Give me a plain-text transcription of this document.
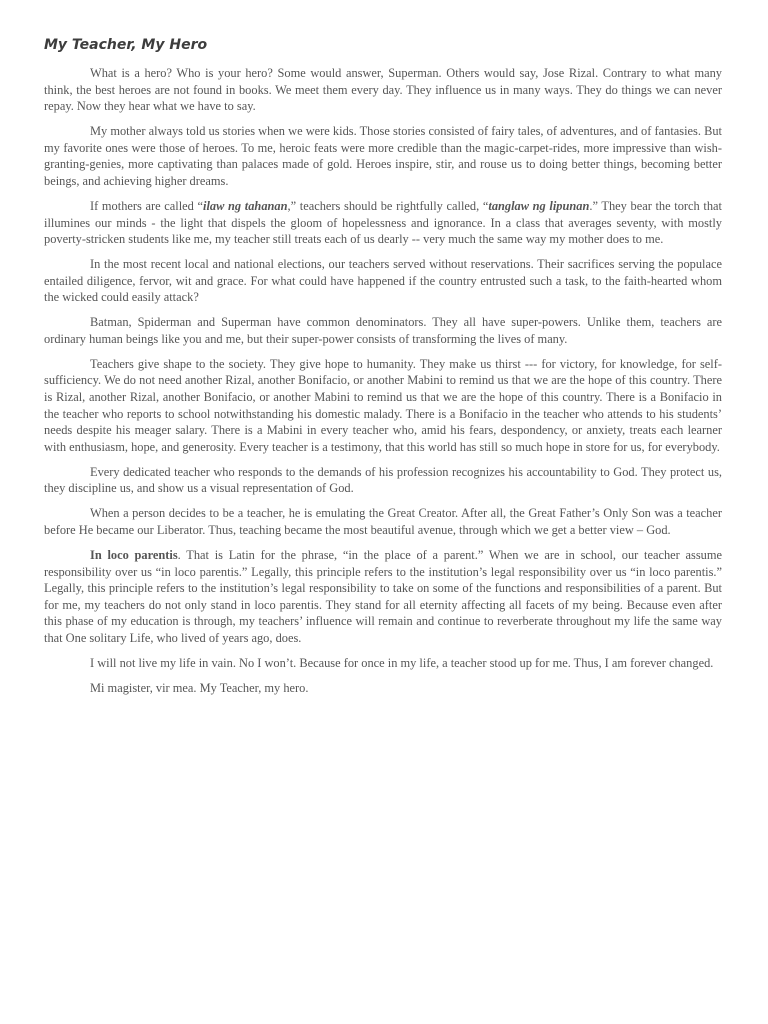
My Teacher, My Hero

What is a hero? Who is your hero? Some would answer, Superman. Others would say, Jose Rizal. Contrary to what many think, the best heroes are not found in books. We meet them every day. They influence us in many ways. They do things we can never repay. Now they hear what we have to say.

My mother always told us stories when we were kids. Those stories consisted of fairy tales, of adventures, and of fantasies. But my favorite ones were those of heroes. To me, heroic feats were more credible than the magic-carpet-rides, more impressive than wish-granting-genies, more captivating than palaces made of gold. Heroes inspire, stir, and rouse us to doing better things, becoming better beings, and achieving higher dreams.

If mothers are called “ilaw ng tahanan,” teachers should be rightfully called, “tanglaw ng lipunan.” They bear the torch that illumines our minds - the light that dispels the gloom of hopelessness and ignorance. In a class that averages seventy, with mostly poverty-stricken students like me, my teacher still treats each of us dearly -- very much the same way my mother does to me.

In the most recent local and national elections, our teachers served without reservations. Their sacrifices serving the populace entailed diligence, fervor, wit and grace. For what could have happened if the country entrusted such a task, to the faith-hearted whom the wicked could easily attack?

Batman, Spiderman and Superman have common denominators. They all have super-powers. Unlike them, teachers are ordinary human beings like you and me, but their super-power consists of transforming the lives of many.

Teachers give shape to the society. They give hope to humanity. They make us thirst --- for victory, for knowledge, for self-sufficiency. We do not need another Rizal, another Bonifacio, or another Mabini to remind us that we are the hope of this country. There is Rizal, another Rizal, another Bonifacio, or another Mabini to remind us that we are the hope of this country. There is a Bonifacio in the teacher who reports to school notwithstanding his domestic malady. There is a Bonifacio in the teacher who attends to his students’ needs despite his meager salary. There is a Mabini in every teacher who, amid his fears, despondency, or anxiety, treats each learner with enthusiasm, hope, and generosity. Every teacher is a testimony, that this world has still so much hope in store for us, for everybody.

Every dedicated teacher who responds to the demands of his profession recognizes his accountability to God. They protect us, they discipline us, and show us a visual representation of God.

When a person decides to be a teacher, he is emulating the Great Creator. After all, the Great Father’s Only Son was a teacher before He became our Liberator. Thus, teaching became the most beautiful avenue, through which we get a better view – God.

In loco parentis. That is Latin for the phrase, “in the place of a parent.” When we are in school, our teacher assume responsibility over us “in loco parentis.” Legally, this principle refers to the institution’s legal responsibility over us “in loco parentis.” Legally, this principle refers to the institution’s legal responsibility to take on some of the functions and responsibilities of a parent. But for me, my teachers do not only stand in loco parentis. They stand for all eternity affecting all facets of my being. Because even after this phase of my education is through, my teachers’ influence will remain and continue to reverberate throughout my life the same way that One solitary Life, who lived of years ago, does.

I will not live my life in vain. No I won’t. Because for once in my life, a teacher stood up for me. Thus, I am forever changed.

Mi magister, vir mea. My Teacher, my hero.
